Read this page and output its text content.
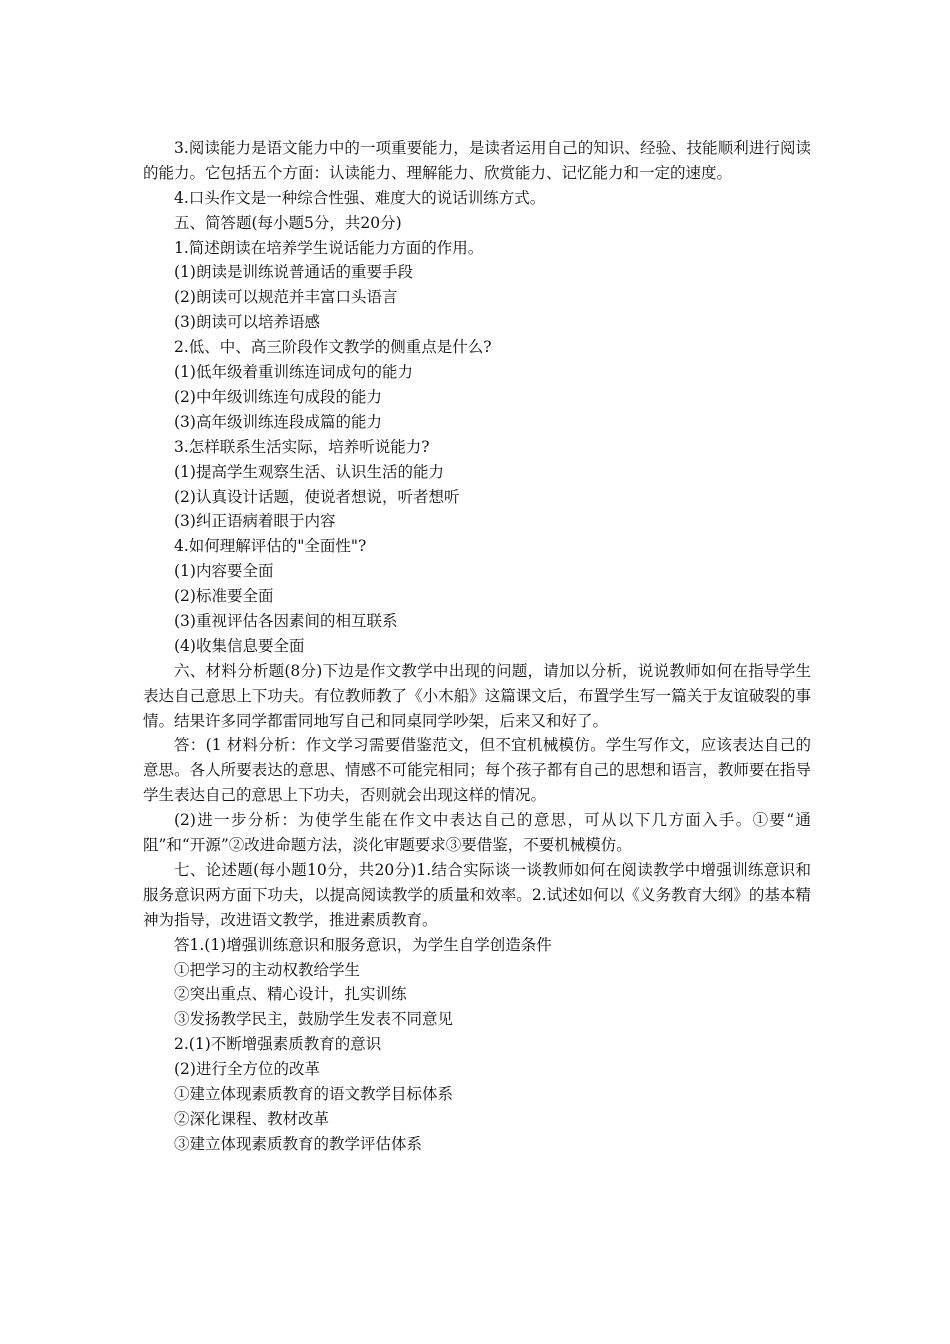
3.阅读能力是语文能力中的一项重要能力，是读者运用自己的知识、经验、技能顺利进行阅读的能力。它包括五个方面：认读能力、理解能力、欣赏能力、记忆能力和一定的速度。

4.口头作文是一种综合性强、难度大的说话训练方式。
五、简答题(每小题5分，共20分)
1.简述朗读在培养学生说话能力方面的作用。
(1)朗读是训练说普通话的重要手段
(2)朗读可以规范并丰富口头语言
(3)朗读可以培养语感
2.低、中、高三阶段作文教学的侧重点是什么?
(1)低年级着重训练连词成句的能力
(2)中年级训练连句成段的能力
(3)高年级训练连段成篇的能力
3.怎样联系生活实际，培养听说能力?
(1)提高学生观察生活、认识生活的能力
(2)认真设计话题，使说者想说，听者想听
(3)纠正语病着眼于内容
4.如何理解评估的"全面性"?
(1)内容要全面
(2)标准要全面
(3)重视评估各因素间的相互联系
(4)收集信息要全面

六、材料分析题(8分)下边是作文教学中出现的问题，请加以分析，说说教师如何在指导学生表达自己意思上下功夫。有位教师教了《小木船》这篇课文后，布置学生写一篇关于友谊破裂的事情。结果许多同学都雷同地写自己和同桌同学吵架，后来又和好了。

答：(1 材料分析：作文学习需要借鉴范文，但不宜机械模仿。学生写作文，应该表达自己的意思。各人所要表达的意思、情感不可能完相同；每个孩子都有自己的思想和语言，教师要在指导学生表达自己的意思上下功夫，否则就会出现这样的情况。

(2)进一步分析：为使学生能在作文中表达自己的意思，可从以下几方面入手。①要“通阻”和“开源”②改进命题方法，淡化审题要求③要借鉴，不要机械模仿。

七、论述题(每小题10分，共20分)1.结合实际谈一谈教师如何在阅读教学中增强训练意识和服务意识两方面下功夫，以提高阅读教学的质量和效率。2.试述如何以《义务教育大纲》的基本精神为指导，改进语文教学，推进素质教育。

答1.(1)增强训练意识和服务意识，为学生自学创造条件
①把学习的主动权教给学生
②突出重点、精心设计，扎实训练
③发扬教学民主，鼓励学生发表不同意见
2.(1)不断增强素质教育的意识
(2)进行全方位的改革
①建立体现素质教育的语文教学目标体系
②深化课程、教材改革
③建立体现素质教育的教学评估体系
